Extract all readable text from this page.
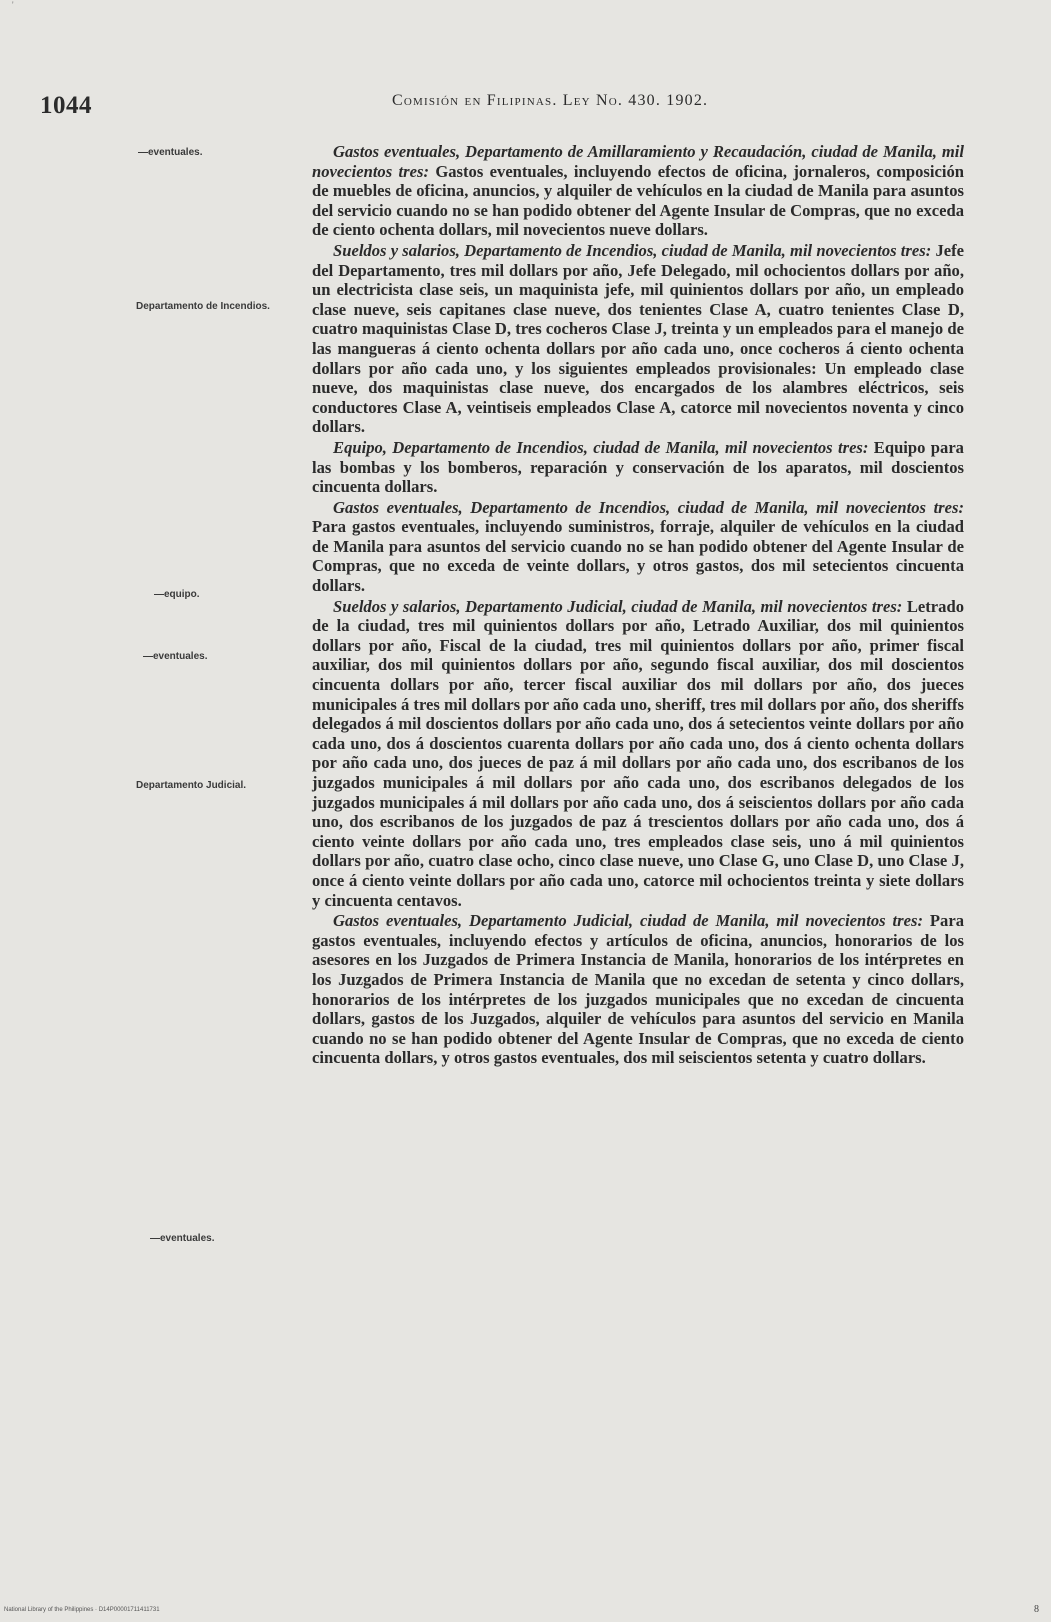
'
1044	Comisión en Filipinas. Ley No. 430. 1902.
—eventuales.
Departamento de Incendios.
—equipo.
—eventuales.
Departamento Judicial.
—eventuales.

Gastos eventuales, Departamento de Amillaramiento y Recaudación, ciudad de Manila, mil novecientos tres: Gastos eventuales, incluyendo efectos de oficina, jornaleros, composición de muebles de oficina, anuncios, y alquiler de vehículos en la ciudad de Manila para asuntos del servicio cuando no se han podido obtener del Agente Insular de Compras, que no exceda de ciento ochenta dollars, mil novecientos nueve dollars.

Sueldos y salarios, Departamento de Incendios, ciudad de Manila, mil novecientos tres: Jefe del Departamento, tres mil dollars por año, Jefe Delegado, mil ochocientos dollars por año, un electricista clase seis, un maquinista jefe, mil quinientos dollars por año, un empleado clase nueve, seis capitanes clase nueve, dos tenientes Clase A, cuatro tenientes Clase D, cuatro maquinistas Clase D, tres cocheros Clase J, treinta y un empleados para el manejo de las mangueras á ciento ochenta dollars por año cada uno, once cocheros á ciento ochenta dollars por año cada uno, y los siguientes empleados provisionales: Un empleado clase nueve, dos maquinistas clase nueve, dos encargados de los alambres eléctricos, seis conductores Clase A, veintiseis empleados Clase A, catorce mil novecientos noventa y cinco dollars.

Equipo, Departamento de Incendios, ciudad de Manila, mil novecientos tres: Equipo para las bombas y los bomberos, reparación y conservación de los aparatos, mil doscientos cincuenta dollars.

Gastos eventuales, Departamento de Incendios, ciudad de Manila, mil novecientos tres: Para gastos eventuales, incluyendo suministros, forraje, alquiler de vehículos en la ciudad de Manila para asuntos del servicio cuando no se han podido obtener del Agente Insular de Compras, que no exceda de veinte dollars, y otros gastos, dos mil setecientos cincuenta dollars.

Sueldos y salarios, Departamento Judicial, ciudad de Manila, mil novecientos tres: Letrado de la ciudad, tres mil quinientos dollars por año, Letrado Auxiliar, dos mil quinientos dollars por año, Fiscal de la ciudad, tres mil quinientos dollars por año, primer fiscal auxiliar, dos mil quinientos dollars por año, segundo fiscal auxiliar, dos mil doscientos cincuenta dollars por año, tercer fiscal auxiliar dos mil dollars por año, dos jueces municipales á tres mil dollars por año cada uno, sheriff, tres mil dollars por año, dos sheriffs delegados á mil doscientos dollars por año cada uno, dos á setecientos veinte dollars por año cada uno, dos á doscientos cuarenta dollars por año cada uno, dos á ciento ochenta dollars por año cada uno, dos jueces de paz á mil dollars por año cada uno, dos escribanos de los juzgados municipales á mil dollars por año cada uno, dos escribanos delegados de los juzgados municipales á mil dollars por año cada uno, dos á seiscientos dollars por año cada uno, dos escribanos de los juzgados de paz á trescientos dollars por año cada uno, dos á ciento veinte dollars por año cada uno, tres empleados clase seis, uno á mil quinientos dollars por año, cuatro clase ocho, cinco clase nueve, uno Clase G, uno Clase D, uno Clase J, once á ciento veinte dollars por año cada uno, catorce mil ochocientos treinta y siete dollars y cincuenta centavos.

Gastos eventuales, Departamento Judicial, ciudad de Manila, mil novecientos tres: Para gastos eventuales, incluyendo efectos y artículos de oficina, anuncios, honorarios de los asesores en los Juzgados de Primera Instancia de Manila, honorarios de los intérpretes en los Juzgados de Primera Instancia de Manila que no excedan de setenta y cinco dollars, honorarios de los intérpretes de los juzgados municipales que no excedan de cincuenta dollars, gastos de los Juzgados, alquiler de vehículos para asuntos del servicio en Manila cuando no se han podido obtener del Agente Insular de Compras, que no exceda de ciento cincuenta dollars, y otros gastos eventuales, dos mil seiscientos setenta y cuatro dollars.

National Library of the Philippines · D14P00001711411731	8
